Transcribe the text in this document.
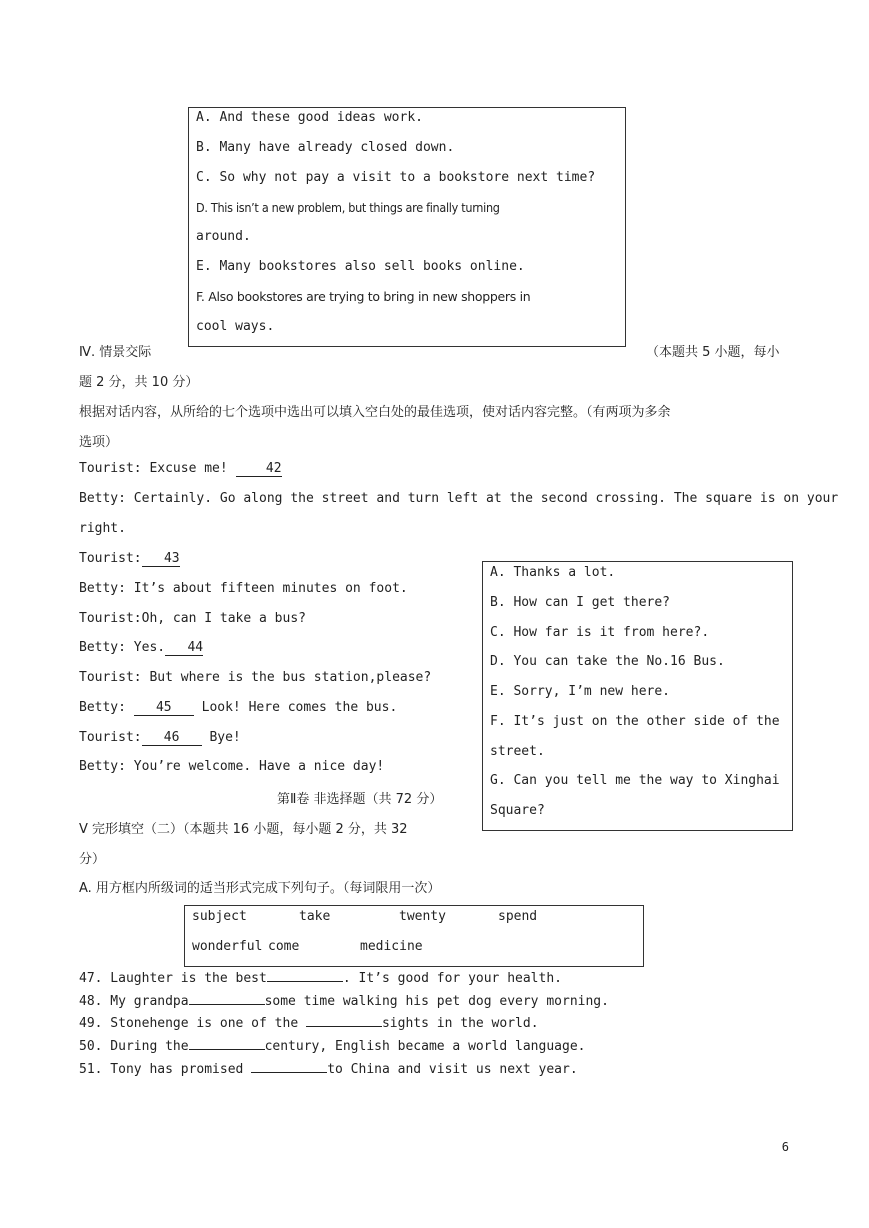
A. And these good ideas work.
B. Many have already closed down.
C. So why not pay a visit to a bookstore next time?
D. This isn’t a new problem, but things are finally turning
around.
E. Many bookstores also sell books online.
F. Also bookstores are trying to bring in new shoppers in
cool ways.
Ⅳ. 情景交际	（本题共 5 小题，每小
题 2 分，共 10 分）
根据对话内容，从所给的七个选项中选出可以填入空白处的最佳选项，使对话内容完整。（有两项为多余
选项）
Tourist: Excuse me! 42
Betty: Certainly. Go along the street and turn left at the second crossing. The square is on your
right.
Tourist: 43
Betty: It’s about fifteen minutes on foot.
Tourist:Oh, can I take a bus?
Betty: Yes. 44
Tourist: But where is the bus station,please?
Betty: 45 Look! Here comes the bus.
Tourist: 46 Bye!
Betty: You’re welcome. Have a nice day!
A. Thanks a lot.
B. How can I get there?
C. How far is it from here?.
D. You can take the No.16 Bus.
E. Sorry, I’m new here.
F. It’s just on the other side of the
street.
G. Can you tell me the way to Xinghai
Square?
第Ⅱ卷 非选择题（共 72 分）
Ⅴ 完形填空（二）（本题共 16 小题，每小题 2 分，共 32
分）
A. 用方框内所级词的适当形式完成下列句子。（每词限用一次）
subject	take	twenty	spend
wonderful come	medicine
47. Laughter is the best	. It’s good for your health.
48. My grandpa	some time walking his pet dog every morning.
49. Stonehenge is one of the	sights in the world.
50. During the	century, English became a world language.
51. Tony has promised	to China and visit us next year.
6
